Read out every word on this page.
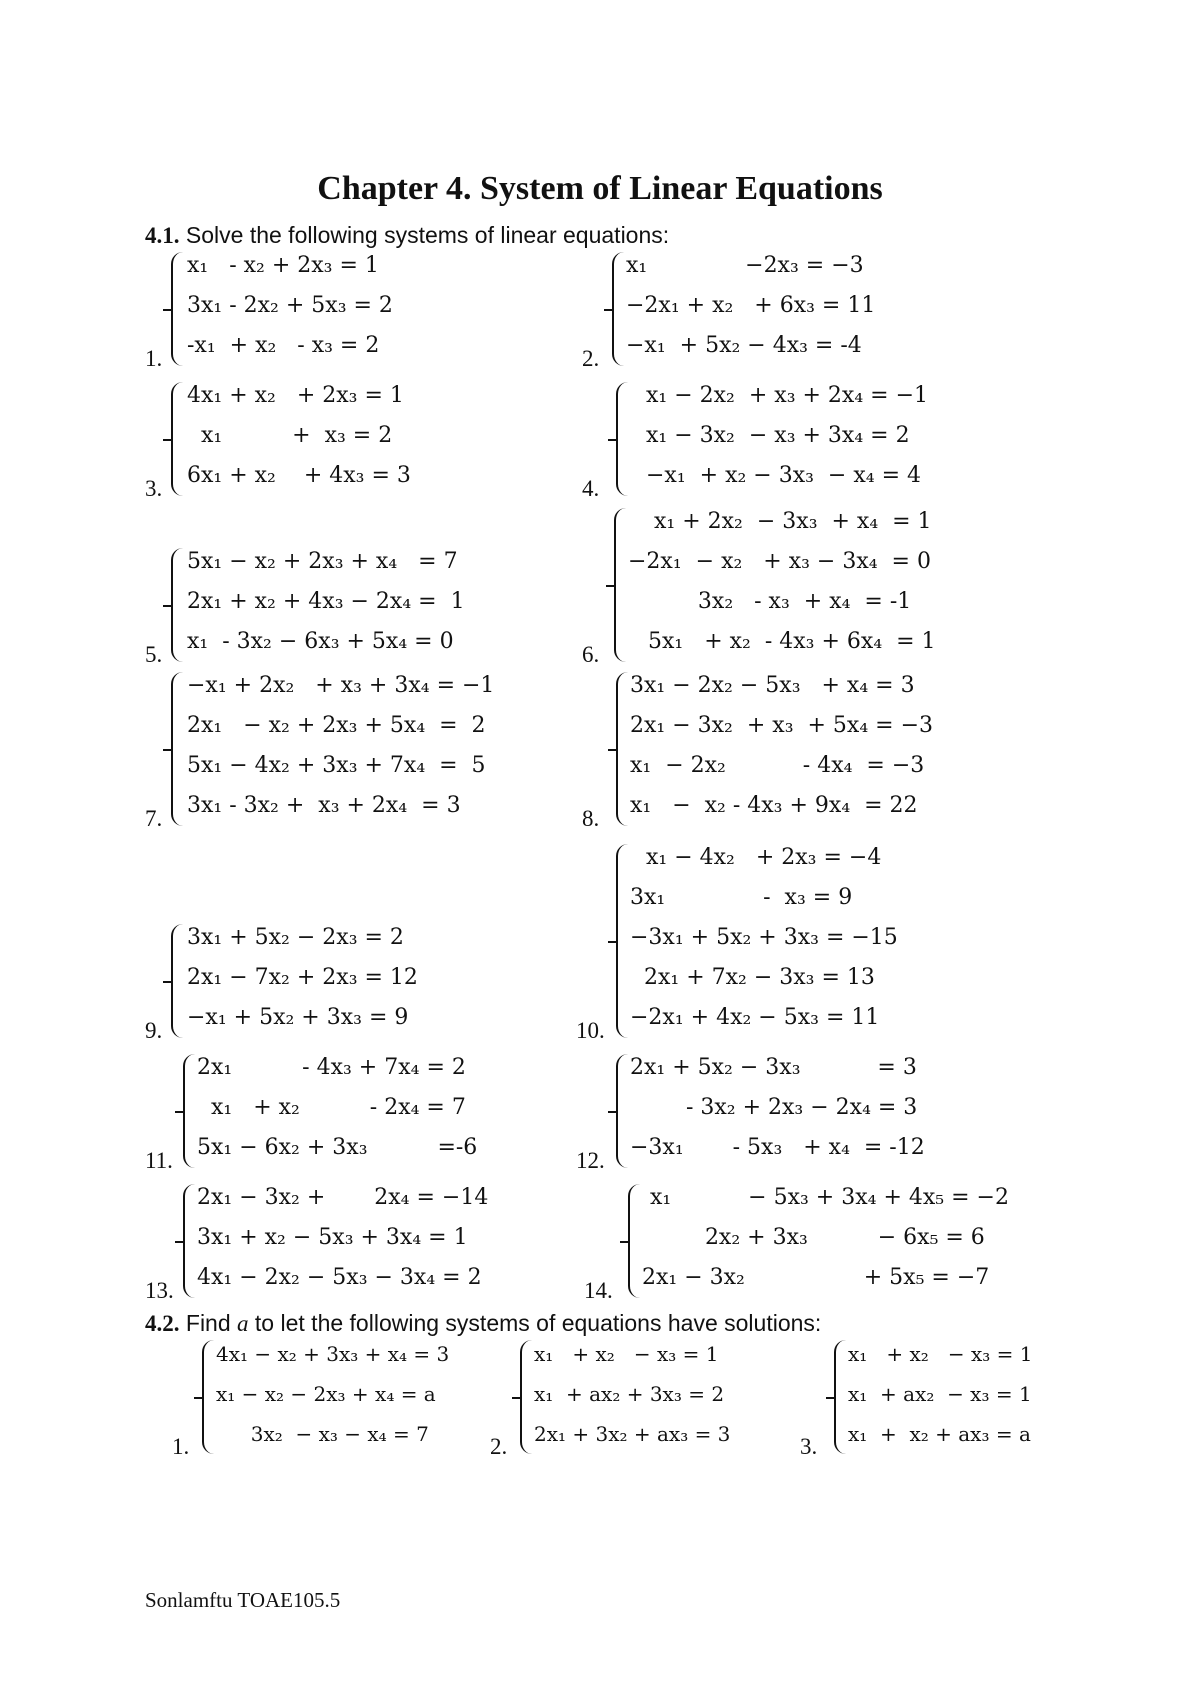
Chapter 4. System of Linear Equations
4.1. Solve the following systems of linear equations:
1.
x₁   - x₂ + 2x₃ = 1
3x₁ - 2x₂ + 5x₃ = 2
-x₁  + x₂   - x₃ = 2
2.
x₁              −2x₃ = −3
−2x₁ + x₂   + 6x₃ = 11
−x₁  + 5x₂ − 4x₃ = -4
3.
4x₁ + x₂   + 2x₃ = 1
x₁          +  x₃ = 2
6x₁ + x₂    + 4x₃ = 3
4.
x₁ − 2x₂  + x₃ + 2x₄ = −1
x₁ − 3x₂  − x₃ + 3x₄ = 2
−x₁  + x₂ − 3x₃  − x₄ = 4
5.
5x₁ − x₂ + 2x₃ + x₄   = 7
2x₁ + x₂ + 4x₃ − 2x₄ =  1
x₁  - 3x₂ − 6x₃ + 5x₄ = 0
6.
x₁ + 2x₂  − 3x₃  + x₄  = 1
−2x₁  − x₂   + x₃ − 3x₄  = 0
3x₂   - x₃  + x₄  = -1
5x₁   + x₂  - 4x₃ + 6x₄  = 1
7.
−x₁ + 2x₂   + x₃ + 3x₄ = −1
2x₁   − x₂ + 2x₃ + 5x₄  =  2
5x₁ − 4x₂ + 3x₃ + 7x₄  =  5
3x₁ - 3x₂ +  x₃ + 2x₄  = 3
8.
3x₁ − 2x₂ − 5x₃   + x₄ = 3
2x₁ − 3x₂  + x₃  + 5x₄ = −3
x₁  − 2x₂           - 4x₄  = −3
x₁   −  x₂ - 4x₃ + 9x₄  = 22
9.
3x₁ + 5x₂ − 2x₃ = 2
2x₁ − 7x₂ + 2x₃ = 12
−x₁ + 5x₂ + 3x₃ = 9
10.
x₁ − 4x₂   + 2x₃ = −4
3x₁              -  x₃ = 9
−3x₁ + 5x₂ + 3x₃ = −15
2x₁ + 7x₂ − 3x₃ = 13
−2x₁ + 4x₂ − 5x₃ = 11
11.
2x₁          - 4x₃ + 7x₄ = 2
x₁   + x₂          - 2x₄ = 7
5x₁ − 6x₂ + 3x₃          =-6
12.
2x₁ + 5x₂ − 3x₃           = 3
- 3x₂ + 2x₃ − 2x₄ = 3
−3x₁       - 5x₃   + x₄  = -12
13.
2x₁ − 3x₂ +       2x₄ = −14
3x₁ + x₂ − 5x₃ + 3x₄ = 1
4x₁ − 2x₂ − 5x₃ − 3x₄ = 2
14.
x₁           − 5x₃ + 3x₄ + 4x₅ = −2
2x₂ + 3x₃          − 6x₅ = 6
2x₁ − 3x₂                 + 5x₅ = −7
4.2. Find a to let the following systems of equations have solutions:
1.
4x₁ − x₂ + 3x₃ + x₄ = 3
x₁ − x₂ − 2x₃ + x₄ = a
3x₂  − x₃ − x₄ = 7	2.
x₁   + x₂   − x₃ = 1
x₁  + ax₂ + 3x₃ = 2
2x₁ + 3x₂ + ax₃ = 3	3.
x₁   + x₂   − x₃ = 1
x₁  + ax₂  − x₃ = 1
x₁  +  x₂ + ax₃ = a
Sonlamftu TOAE105.5
